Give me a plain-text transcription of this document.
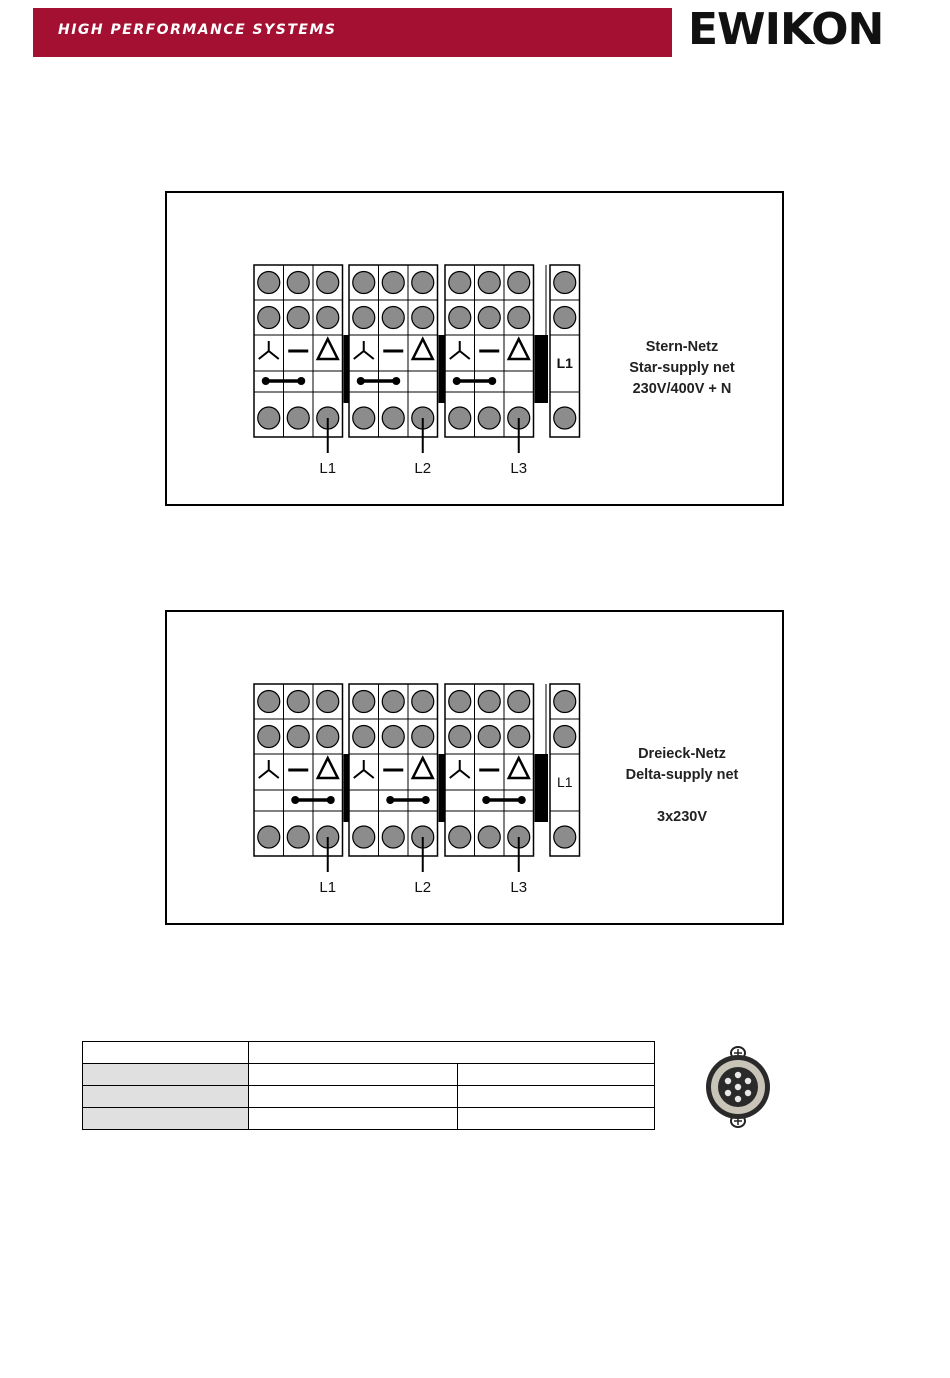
HIGH PERFORMANCE SYSTEMS	EWIKON
L1	L2	L3
L1
Stern-Netz
Star-supply net
230V/400V + N
L1	L2	L3
L1
Dreieck-Netz
Delta-supply net
3x230V
